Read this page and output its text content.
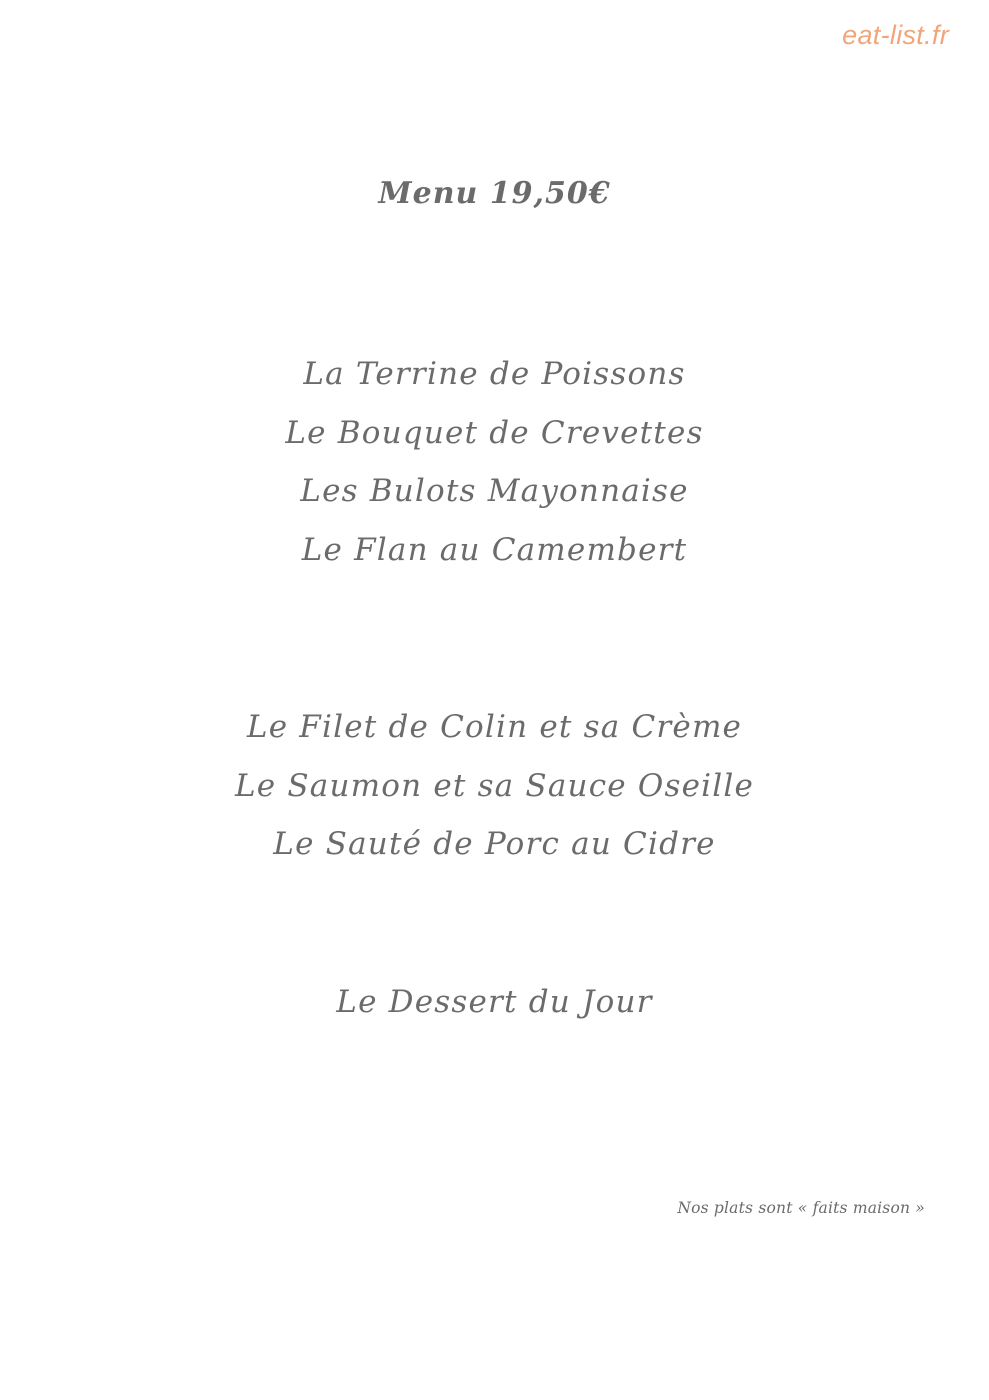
eat-list.fr
Menu 19,50€
La Terrine de Poissons
Le Bouquet de Crevettes
Les Bulots Mayonnaise
Le Flan au Camembert
Le Filet de Colin et sa Crème
Le Saumon et sa Sauce Oseille
Le Sauté de Porc au Cidre
Le Dessert du Jour
Nos plats sont « faits maison »
